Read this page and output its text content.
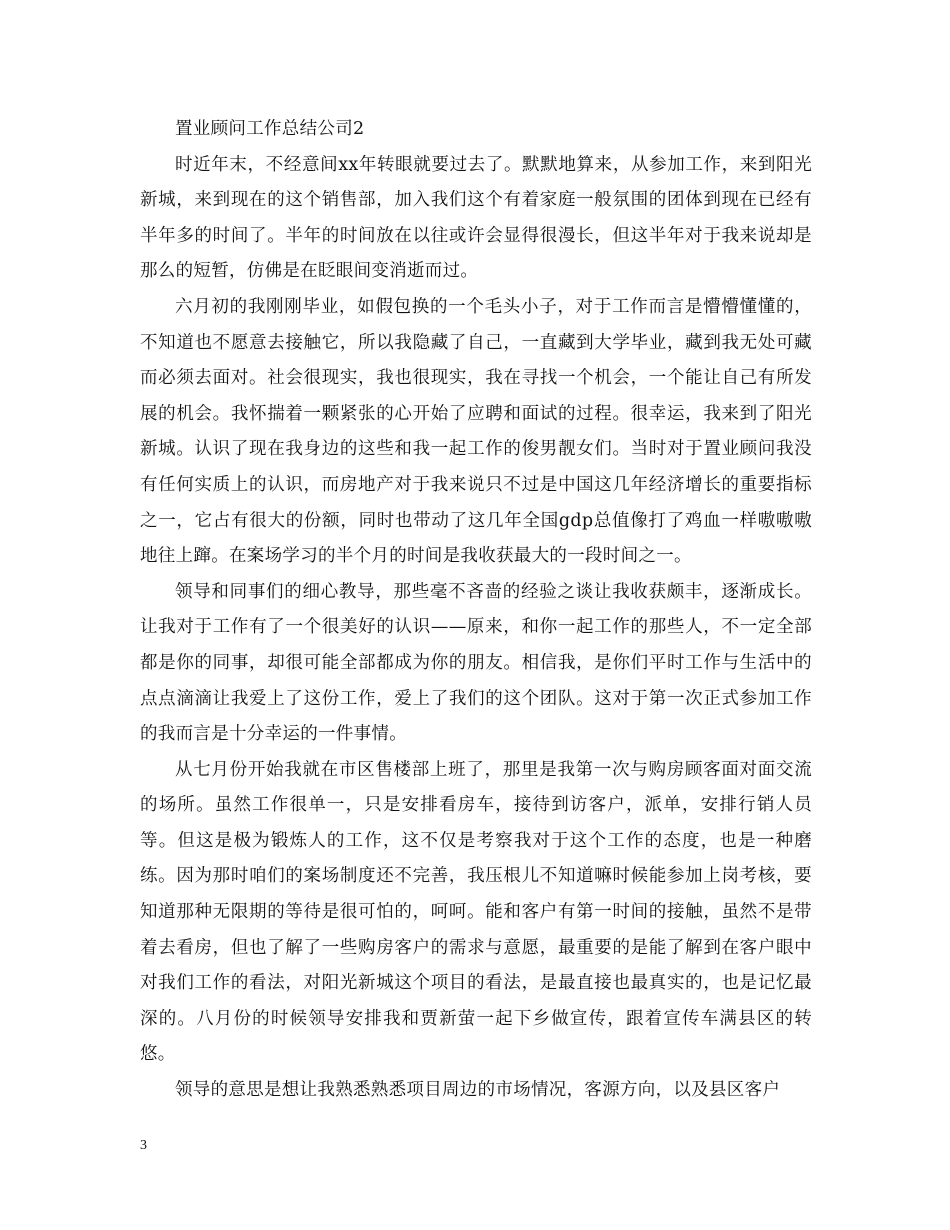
置业顾问工作总结公司2

时近年末，不经意间xx年转眼就要过去了。默默地算来，从参加工作，来到阳光新城，来到现在的这个销售部，加入我们这个有着家庭一般氛围的团体到现在已经有半年多的时间了。半年的时间放在以往或许会显得很漫长，但这半年对于我来说却是那么的短暂，仿佛是在眨眼间变消逝而过。

六月初的我刚刚毕业，如假包换的一个毛头小子，对于工作而言是懵懵懂懂的，不知道也不愿意去接触它，所以我隐藏了自己，一直藏到大学毕业，藏到我无处可藏而必须去面对。社会很现实，我也很现实，我在寻找一个机会，一个能让自己有所发展的机会。我怀揣着一颗紧张的心开始了应聘和面试的过程。很幸运，我来到了阳光新城。认识了现在我身边的这些和我一起工作的俊男靓女们。当时对于置业顾问我没有任何实质上的认识，而房地产对于我来说只不过是中国这几年经济增长的重要指标之一，它占有很大的份额，同时也带动了这几年全国gdp总值像打了鸡血一样嗷嗷嗷地往上蹿。在案场学习的半个月的时间是我收获最大的一段时间之一。

领导和同事们的细心教导，那些毫不吝啬的经验之谈让我收获颇丰，逐渐成长。让我对于工作有了一个很美好的认识——原来，和你一起工作的那些人，不一定全部都是你的同事，却很可能全部都成为你的朋友。相信我，是你们平时工作与生活中的点点滴滴让我爱上了这份工作，爱上了我们的这个团队。这对于第一次正式参加工作的我而言是十分幸运的一件事情。

从七月份开始我就在市区售楼部上班了，那里是我第一次与购房顾客面对面交流的场所。虽然工作很单一，只是安排看房车，接待到访客户，派单，安排行销人员等。但这是极为锻炼人的工作，这不仅是考察我对于这个工作的态度，也是一种磨练。因为那时咱们的案场制度还不完善，我压根儿不知道嘛时候能参加上岗考核，要知道那种无限期的等待是很可怕的，呵呵。能和客户有第一时间的接触，虽然不是带着去看房，但也了解了一些购房客户的需求与意愿，最重要的是能了解到在客户眼中对我们工作的看法，对阳光新城这个项目的看法，是最直接也最真实的，也是记忆最深的。八月份的时候领导安排我和贾新萤一起下乡做宣传，跟着宣传车满县区的转悠。

领导的意思是想让我熟悉熟悉项目周边的市场情况，客源方向，以及县区客户

3
